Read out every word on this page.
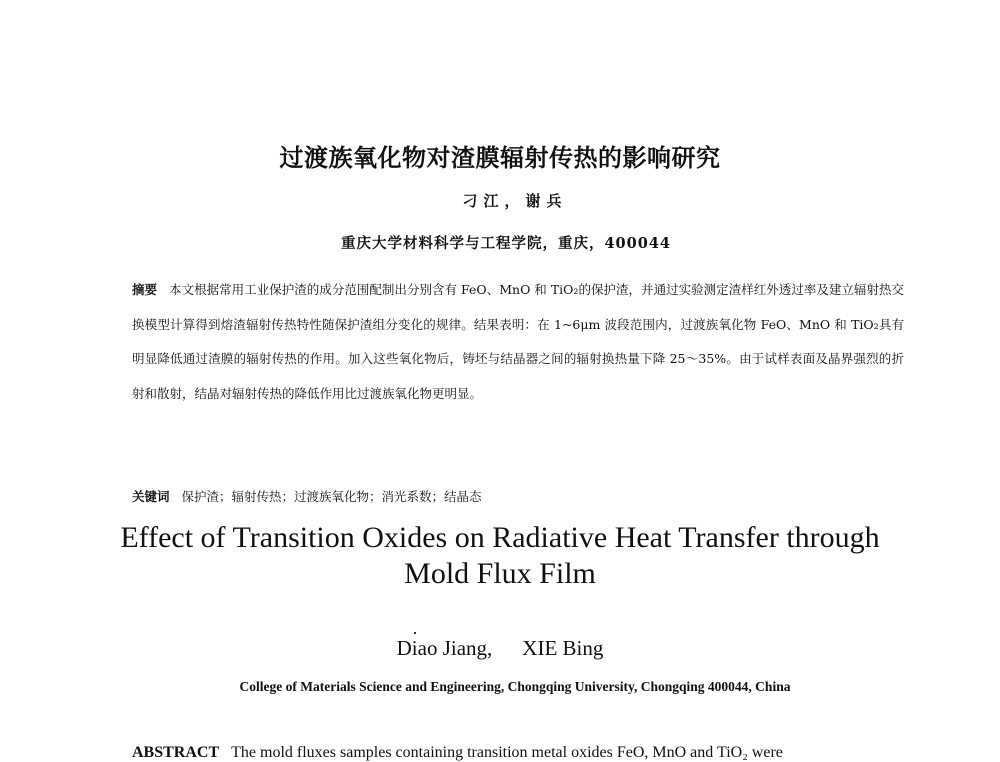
过渡族氧化物对渣膜辐射传热的影响研究
刁江，谢兵
重庆大学材料科学与工程学院，重庆，400044
摘要 本文根据常用工业保护渣的成分范围配制出分别含有 FeO、MnO 和 TiO₂的保护渣，并通过实验测定渣样红外透过率及建立辐射热交换模型计算得到熔渣辐射传热特性随保护渣组分变化的规律。结果表明：在 1~6μm 波段范围内，过渡族氧化物 FeO、MnO 和 TiO₂具有明显降低通过渣膜的辐射传热的作用。加入这些氧化物后，铸坯与结晶器之间的辐射换热量下降 25～35%。由于试样表面及晶界强烈的折射和散射，结晶对辐射传热的降低作用比过渡族氧化物更明显。
关键词 保护渣；辐射传热；过渡族氧化物；消光系数；结晶态
Effect of Transition Oxides on Radiative Heat Transfer through Mold Flux Film
Diao Jiang, XIE Bing
College of Materials Science and Engineering, Chongqing University, Chongqing 400044, China
ABSTRACT The mold fluxes samples containing transition metal oxides FeO, MnO and TiO₂ were
